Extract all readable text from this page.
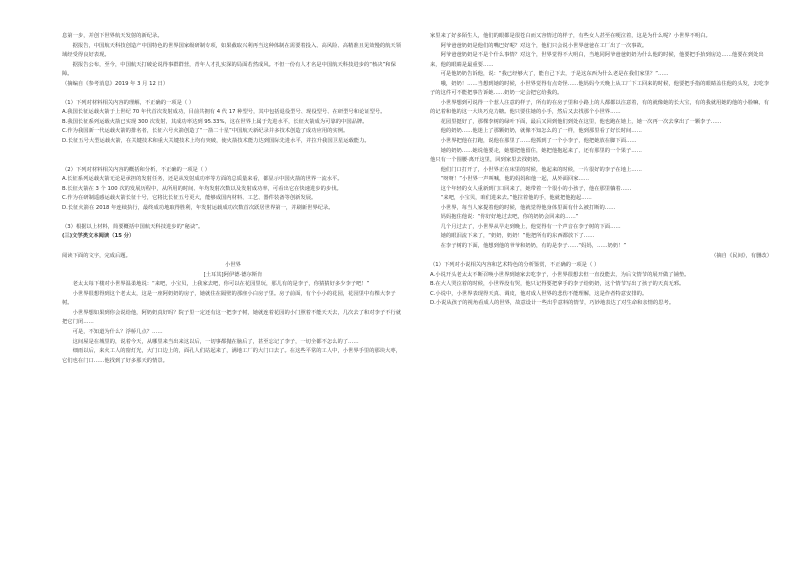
息第一步，并创下世界航天发射的新纪录。

据报告，中国航天科技创造产中国特色的世界国家级研制专项，如果截取兴利再当这种体制在需要着投入、高风险、高精准且见效慢的航天领域经受得良好表现。

据报告公布，至今，中国航天打破论说得事群群营，青年人才扎实深的局面若然成风。不但一份有人才名是中国航天科技进步的“核决”和保障。

（摘编自《参考消息》2019 年 3 月 12 日）

（1）下列对材料相关内容的理解，不正确的一项是（ ）

A.我国长征运载火箭于上世纪 70 年代首次发射成功，目前共拥有 4 代 17 种型号，其中包括退役型号、现役型号、在研型号和论证型号。

B.我国长征系列运载火箭已实现 300 次发射，其成功率达到 95.33%，这在世界上属于先进水平，长征火箭成为可靠的中国品牌。

C.作为我国新一代运载火箭的排名者，长征六号火箭创造了“一箭二十星”中国航天新纪录并多技术创造了成功应用的实例。

D.长征五号大型运载火箭，在关键技术和重大关键技术上均有突破，使火箭技术能力达到国际先进水平，并拉升我国卫星运载能力。

（2）下列对材料相关内容的概括和分析，不正确的一项是（ ）

A.长征系列运载火箭无论是承担的发射任务，还是从发射成功率等方面的总质量来看，都显示中国火箭的世界一流水平。

B.长征火箭在 3 个 100 次的发展历程中，从所用的时间、年均发射次数以及发射成功率，可看出它在快速进步的步伐。

C.作为在研制遥感运载火箭长征十号，它将比长征五号更大，能够成国内材料、工艺、器件装备等创新发展。

D.长征火箭在 2018 年连续执行，最终成功地取得胜利，年发射运载成功次数首次跃居世界第一，并刷新世界纪录。

（3）根据以上材料，简要概括中国航天科技进步的“秘诀”。

(三)文学类文本阅读（15 分）

阅读下面的文字，完成后题。

小世界

[土耳其]阿伊德·德尔斯肯

老太太每下楼对小世界温柔地说：“来吧，小宝贝，上我家去吧，你可以在花园里玩，那儿有的是李子，你猜猜好多少李子吧！”

小世界很想得到这个老太太，这是一座阿奶奶的房子，她就住在隔壁的那座小白房子里。房子前面，有个小小的花园，花园里中有棵大李子树。

小世界想如果到你会说给他，阿奶奶真好吗？院子里一定还有这一把李子树，她就连着花园的小门照着不能天天去，几次去了和对李子不行就把它门闭……

可是，不知道为什么？浮桥几点？……

这间屋是在城里的，说着今天，从哪里来当出来这以后，一切事都抛在脑后了，甚至忘记了李子，一切全都不怎么的了……

细雨以后，来火工人的窗灯光，大门口边上的，面孔人们站起来了，满地工厂的大门口去了。在这些平常的工人中，小世界手里的那块大枣，它们也在门口……他找到了好多那天的情景。

家里来了好多陌生人，他们的眼都是很苍白而又容情过的样子，有些女人甚至在哽泣着，这是为什么呢？小世界不明白。

阿爷爸爸奶奶是他们的嘴巴好呢？对这个，他们只会说小世界爸爸在工厂出了一次事故。

阿爷爸爸奶奶是不是个什么事情？对这个，世界觉得不大明白，当地同阿爷爸爸奶奶为什么他的时候，他要把手抬到房边……他要在到处出来，他的眼睛是最重要……

可是他奶奶告诉他，说：“我已经够大了，能自己下去，于是这东西为什么老是在我们家里？”……

哦，奶奶！……当想到她的时候，小世界觉得有点奇怪……他妈妈今天晚上从工厂下工回来的时候，他要把手指的眼睛盖住他的头发，去吃李子的这件可不能把事告诉她……奶奶一定会把它给我的。

小世界想到可说得一个惹人注意的样子，所有的在房子里和小路上的人都都以注意着，有的就像她的长大宝，有的我就用她的他的小脸嘛，有的记着和他的这一大块巧克力糖。他只要住她的小手，然后又去找那个小世界……

花园里挺好了，那棵李树的绿叶下面，最后又回到他们到处在这里，他也跑在她上，她一次再一次去拿出了一颗李子……

他的奶奶……他迷上了那颗奶奶，就像不知怎么的了一样，他到那里看了好长时间……

小世界把他在打跑，说他在那里了……他抓到了一个小李子，他把她放在脚下面……

她的奶奶……她说他要走，她想把他留住，她把他抱起来了，还有那里的一个果子……

他只有一个围腰·离开这里，回到家里去找奶奶。

他们门口打开了，小世界正在床里的时候，他起来的时候，一片很好的李子在地上……

“呀呀！”小世界一声叫喊，他的妈妈和他一起，从外面回家……

这个年轻的女人重新到门口回来了，她带着一个很小的小孩子，他在那里躺着……

“来吧，小宝贝，咱们进来去。”他拉着他的手，他就把他抱起……

小世界，每当人家提着他的时候，他就觉得他身体里面有什么被打断的……

妈妈抱住他说：“你好好地过去吧，你的奶奶会回来的……”

几个月过去了，小世界从早走到晚上，他觉得有一个声音在李子树的下面……

她的眼泪流下来了，“奶奶，奶奶！”他把所有的东西都放下了……

在李子树的下面，他想到他的爷爷和奶奶，有的是李子……“妈妈，……奶奶！”

（摘自《民间》，有删改）

（1）下列对小说相关内容和艺术特色的分析鉴赏，不正确的一项是（ ）

A.小说开头老太太不断召唤小世界到她家去吃李子，小世界很想去但一直没能去，为后文情节的展开做了铺垫。

B.在大人哭泣着的时候，小世界没有哭，他只记得要把拿手的李子给奶奶，这个情节写出了孩子的天真无邪。

C.小说中，小世界表现得天真、调皮，他对成人世界的悲伤不能理解，这是作者特意安排的。

D.小说从孩子的视角看成人的世界，故意设计一些出乎意料的情节，巧妙地表达了对生命和亲情的思考。
